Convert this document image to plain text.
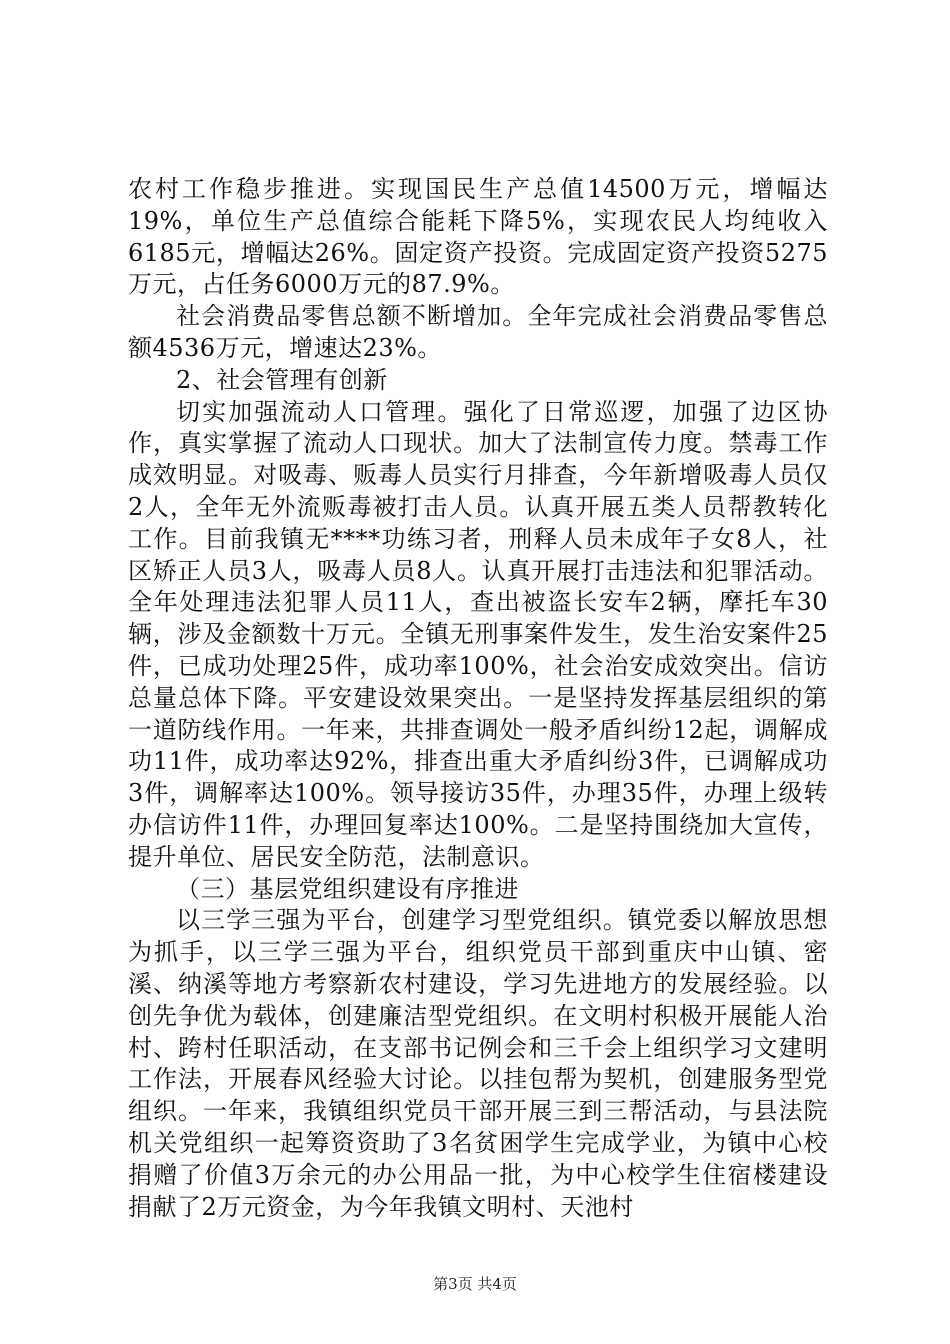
农村工作稳步推进。实现国民生产总值14500万元，增幅达19%，单位生产总值综合能耗下降5%，实现农民人均纯收入6185元，增幅达26%。固定资产投资。完成固定资产投资5275万元，占任务6000万元的87.9%。

社会消费品零售总额不断增加。全年完成社会消费品零售总额4536万元，增速达23%。

2、社会管理有创新

切实加强流动人口管理。强化了日常巡逻，加强了边区协作，真实掌握了流动人口现状。加大了法制宣传力度。禁毒工作成效明显。对吸毒、贩毒人员实行月排查，今年新增吸毒人员仅2人，全年无外流贩毒被打击人员。认真开展五类人员帮教转化工作。目前我镇无****功练习者，刑释人员未成年子女8人，社区矫正人员3人，吸毒人员8人。认真开展打击违法和犯罪活动。全年处理违法犯罪人员11人，查出被盗长安车2辆，摩托车30辆，涉及金额数十万元。全镇无刑事案件发生，发生治安案件25件，已成功处理25件，成功率100%，社会治安成效突出。信访总量总体下降。平安建设效果突出。一是坚持发挥基层组织的第一道防线作用。一年来，共排查调处一般矛盾纠纷12起，调解成功11件，成功率达92%，排查出重大矛盾纠纷3件，已调解成功3件，调解率达100%。领导接访35件，办理35件，办理上级转办信访件11件，办理回复率达100%。二是坚持围绕加大宣传，提升单位、居民安全防范，法制意识。

（三）基层党组织建设有序推进

以三学三强为平台，创建学习型党组织。镇党委以解放思想为抓手，以三学三强为平台，组织党员干部到重庆中山镇、密溪、纳溪等地方考察新农村建设，学习先进地方的发展经验。以创先争优为载体，创建廉洁型党组织。在文明村积极开展能人治村、跨村任职活动，在支部书记例会和三千会上组织学习文建明工作法，开展春风经验大讨论。以挂包帮为契机，创建服务型党组织。一年来，我镇组织党员干部开展三到三帮活动，与县法院机关党组织一起筹资资助了3名贫困学生完成学业，为镇中心校捐赠了价值3万余元的办公用品一批，为中心校学生住宿楼建设捐献了2万元资金，为今年我镇文明村、天池村

第3页 共4页
